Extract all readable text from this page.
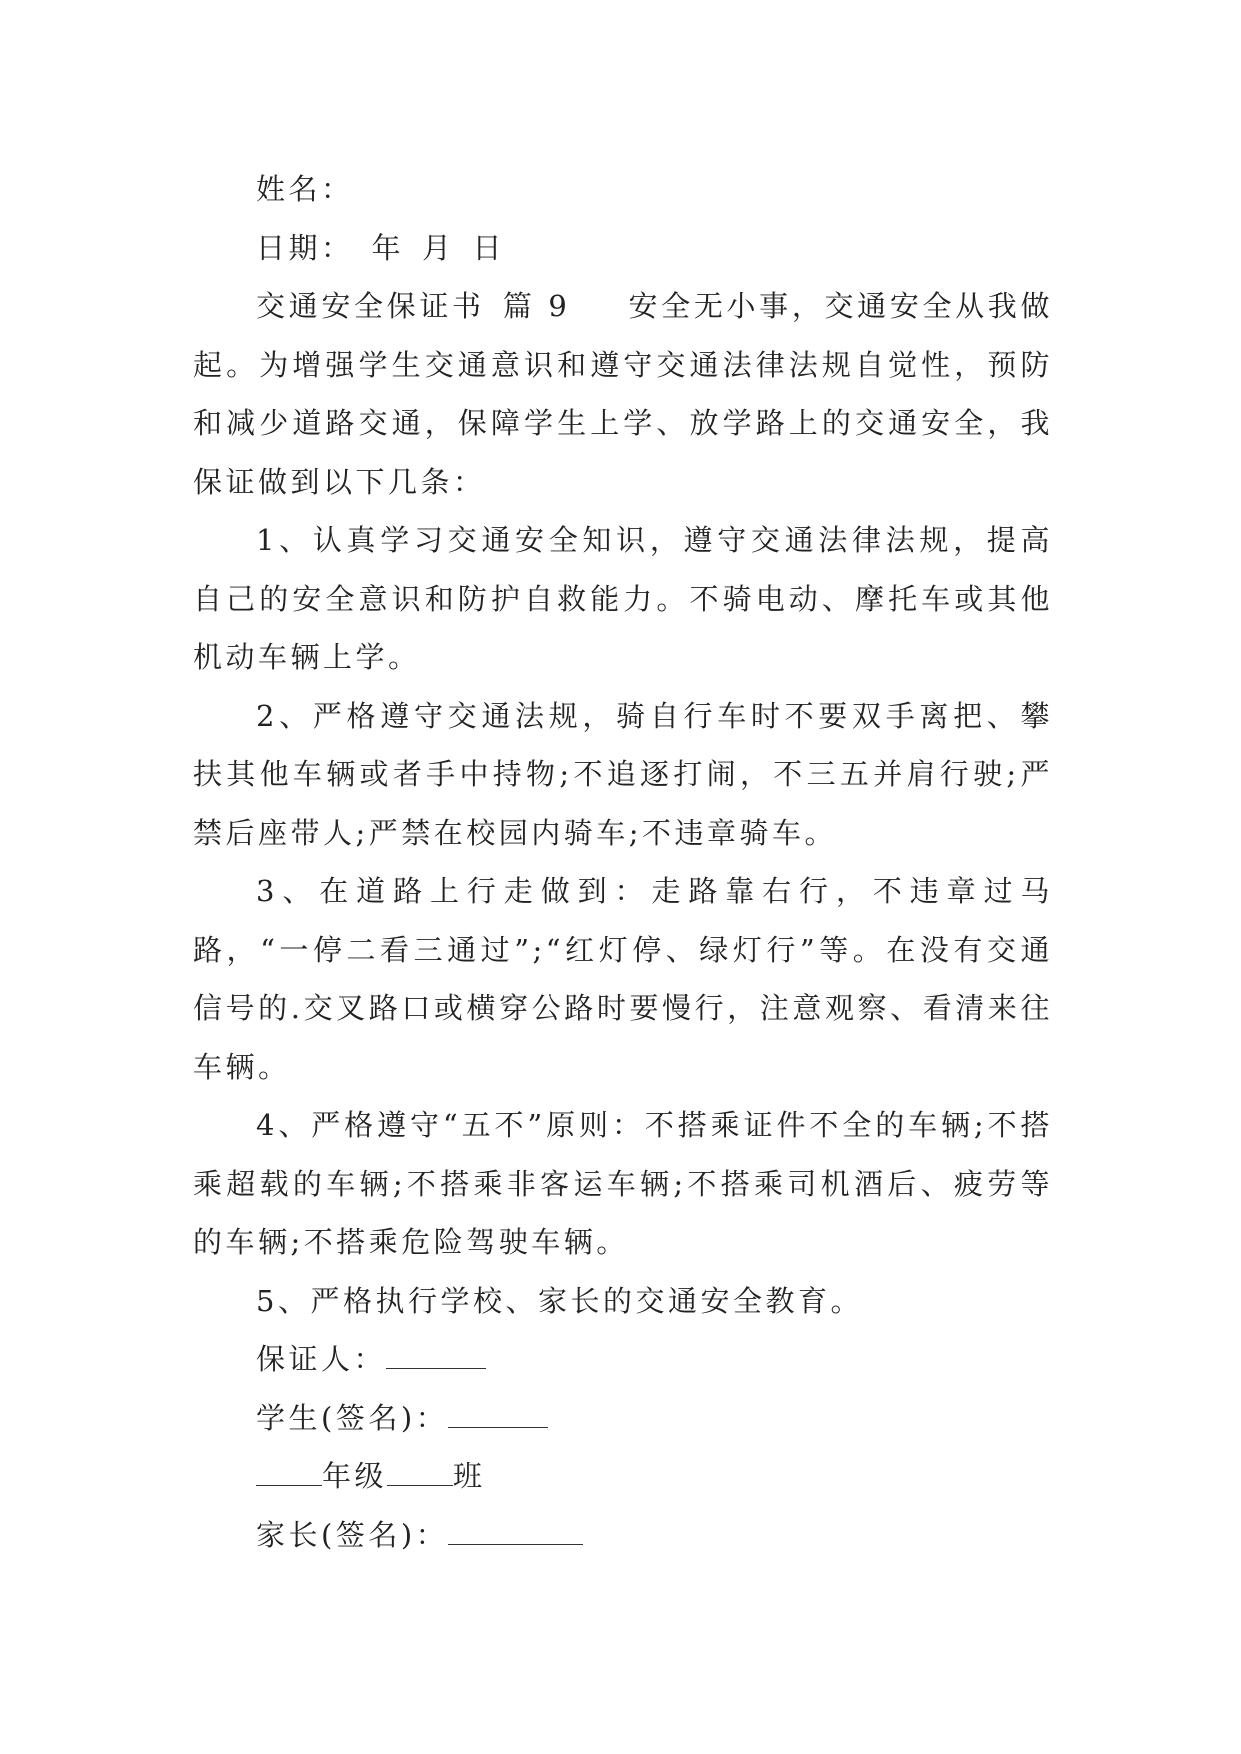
姓名：
日期： 年 月 日
交通安全保证书 篇 9 安全无小事，交通安全从我做起。为增强学生交通意识和遵守交通法律法规自觉性，预防和减少道路交通，保障学生上学、放学路上的交通安全，我保证做到以下几条：
1、认真学习交通安全知识，遵守交通法律法规，提高自己的安全意识和防护自救能力。不骑电动、摩托车或其他机动车辆上学。
2、严格遵守交通法规，骑自行车时不要双手离把、攀扶其他车辆或者手中持物;不追逐打闹，不三五并肩行驶;严禁后座带人;严禁在校园内骑车;不违章骑车。
3、在道路上行走做到：走路靠右行，不违章过马路，“一停二看三通过”;“红灯停、绿灯行”等。在没有交通信号的.交叉路口或横穿公路时要慢行，注意观察、看清来往车辆。
4、严格遵守“五不”原则：不搭乘证件不全的车辆;不搭乘超载的车辆;不搭乘非客运车辆;不搭乘司机酒后、疲劳等的车辆;不搭乘危险驾驶车辆。
5、严格执行学校、家长的交通安全教育。
保证人：
学生(签名)：
年级 班
家长(签名)：
